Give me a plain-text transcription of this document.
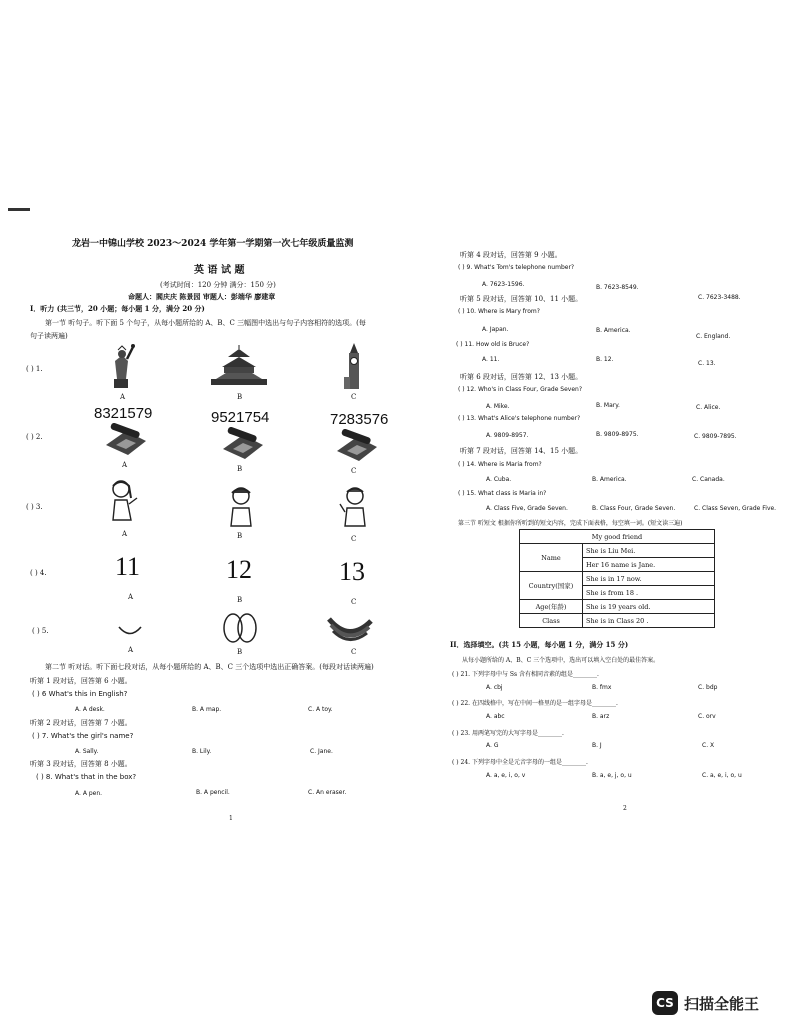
龙岩一中锦山学校 2023～2024 学年第一学期第一次七年级质量监测
英 语 试 题
(考试时间：120 分钟 满分：150 分)
命题人：閻庆庆 陈景园 审题人：彭端华 廖建章
I．听力 (共三节，20 小题；每小题 1 分，满分 20 分)
第一节 听句子。听下面 5 个句子，从每小题所给的 A、B、C 三幅图中选出与句子内容相符的选项。(每
句子读两遍)
( ) 1.
A	B	C
8321579	9521754	7283576
( ) 2.
A	B	C
( ) 3.
A	B	C
( ) 4.	11	12	13
A	B	C
( ) 5.
A	B	C
第二节 听对话。听下面七段对话，从每小题所给的 A、B、C 三个选项中选出正确答案。(每段对话读两遍)
听第 1 段对话，回答第 6 小题。
( ) 6 What's this in English?
A. A desk.	B. A map.	C. A toy.
听第 2 段对话，回答第 7 小题。
( ) 7. What's the girl's name?
A. Sally.	B. Lily.	C. Jane.
听第 3 段对话，回答第 8 小题。
( ) 8. What's that in the box?
A. A pen.	B. A pencil.	C. An eraser.
1
听第 4 段对话，回答第 9 小题。
( ) 9. What's Tom's telephone number?
A. 7623-1596.	B. 7623-8549.
C. 7623-3488.
听第 5 段对话，回答第 10、11 小题。
( ) 10. Where is Mary from?
A. Japan.	B. America.
C. England.
( ) 11. How old is Bruce?
A. 11.	B. 12.
C. 13.
听第 6 段对话，回答第 12、13 小题。
( ) 12. Who's in Class Four, Grade Seven?
A. Mike.	B. Mary.	C. Alice.
( ) 13. What's Alice's telephone number?
A. 9809-8957.	B. 9809-8975.	C. 9809-7895.
听第 7 段对话，回答第 14、15 小题。
( ) 14. Where is Maria from?
A. Cuba.	B. America.	C. Canada.
( ) 15. What class is Maria in?
A. Class Five, Grade Seven.	B. Class Four, Grade Seven.	C. Class Seven, Grade Five.
第三节 听短文 根据你所听到的短文内容，完成下面表格，每空填一词。(短文读三遍)
My good friend	
Name	She is Liu Mei.
	Her 16 name is Jane.
Country(国家)	She is in 17 now.
	She is from 18 .
Age(年龄)	She is 19 years old.
Class	She is in Class 20 .
II．选择填空。(共 15 小题，每小题 1 分，满分 15 分)
从每小题所给的 A、B、C 三个选项中，选出可以填入空白处的最佳答案。
( ) 21. 下列字母中与 Ss 含有相同音素的组是________.
A. cbj	B. fmx	C. bdp
( ) 22. 在四线格中，写在中间一格里的是一组字母是________.
A. abc	B. arz	C. orv
( ) 23. 用两笔写完的大写字母是________.
A. G	B. J	C. X
( ) 24. 下列字母中全是元音字母的一组是________.
A. a, e, i, o, v	B. a, e, j, o, u	C. a, e, i, o, u
2
CS 扫描全能王
